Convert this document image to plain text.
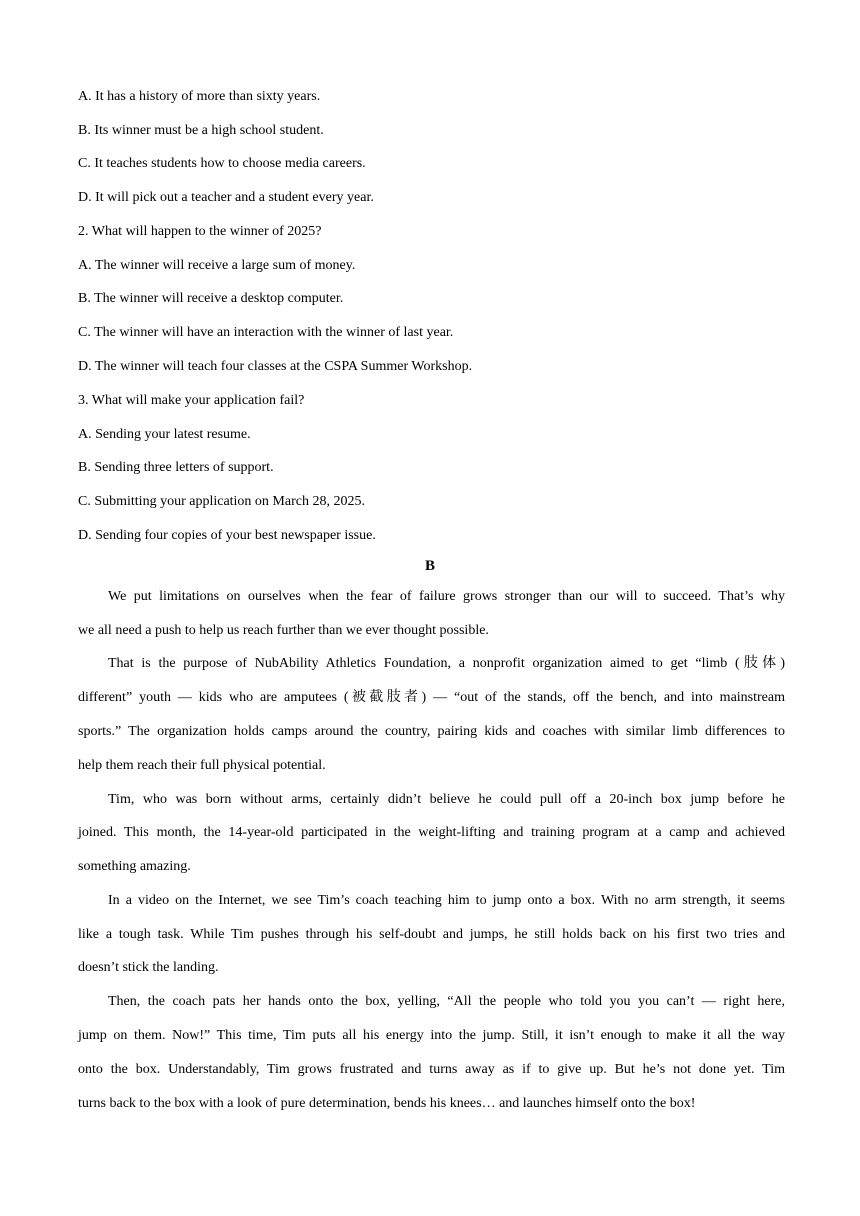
A. It has a history of more than sixty years.
B. Its winner must be a high school student.
C. It teaches students how to choose media careers.
D. It will pick out a teacher and a student every year.
2. What will happen to the winner of 2025?
A. The winner will receive a large sum of money.
B. The winner will receive a desktop computer.
C. The winner will have an interaction with the winner of last year.
D. The winner will teach four classes at the CSPA Summer Workshop.
3. What will make your application fail?
A. Sending your latest resume.
B. Sending three letters of support.
C. Submitting your application on March 28, 2025.
D. Sending four copies of your best newspaper issue.
B
We put limitations on ourselves when the fear of failure grows stronger than our will to succeed. That’s why
we all need a push to help us reach further than we ever thought possible.
That is the purpose of NubAbility Athletics Foundation, a nonprofit organization aimed to get “limb (肢体)
different” youth — kids who are amputees (被截肢者) — “out of the stands, off the bench, and into mainstream
sports.” The organization holds camps around the country, pairing kids and coaches with similar limb differences to
help them reach their full physical potential.
Tim, who was born without arms, certainly didn’t believe he could pull off a 20-inch box jump before he
joined. This month, the 14-year-old participated in the weight-lifting and training program at a camp and achieved
something amazing.
In a video on the Internet, we see Tim’s coach teaching him to jump onto a box. With no arm strength, it seems
like a tough task. While Tim pushes through his self-doubt and jumps, he still holds back on his first two tries and
doesn’t stick the landing.
Then, the coach pats her hands onto the box, yelling, “All the people who told you you can’t — right here,
jump on them. Now!” This time, Tim puts all his energy into the jump. Still, it isn’t enough to make it all the way
onto the box. Understandably, Tim grows frustrated and turns away as if to give up. But he’s not done yet. Tim
turns back to the box with a look of pure determination, bends his knees… and launches himself onto the box!
